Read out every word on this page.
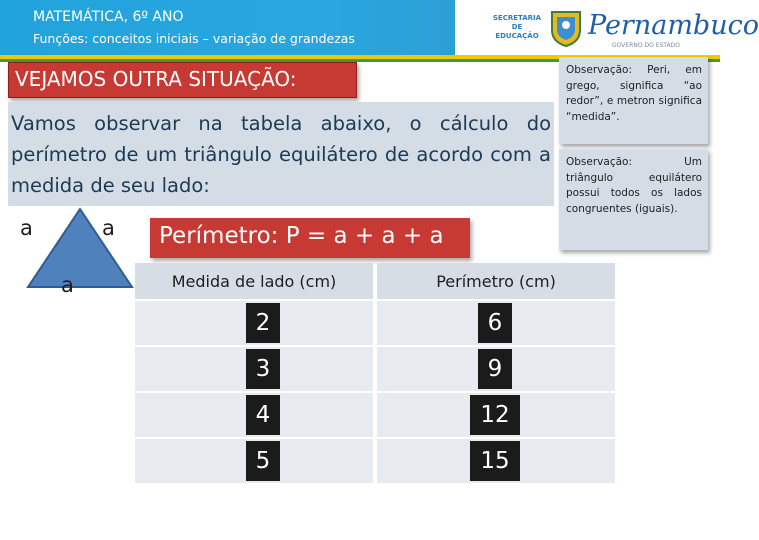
MATEMÁTICA, 6º ANO
Funções: conceitos iniciais – variação de grandezas
SECRETARIA DE EDUCAÇÃO Pernambuco
GOVERNO DO ESTADO
VEJAMOS OUTRA SITUAÇÃO:
Vamos observar na tabela abaixo, o cálculo do perímetro de um triângulo equilátero de acordo com a medida de seu lado:
Observação: Peri, em grego, significa “ao redor”, e metron significa “medida”.
Observação: Um triângulo equilátero possui todos os lados congruentes (iguais).
a	a
a
Perímetro: P = a + a + a
Medida de lado (cm)	Perímetro (cm)
2	6
3	9
4	12
5	15
